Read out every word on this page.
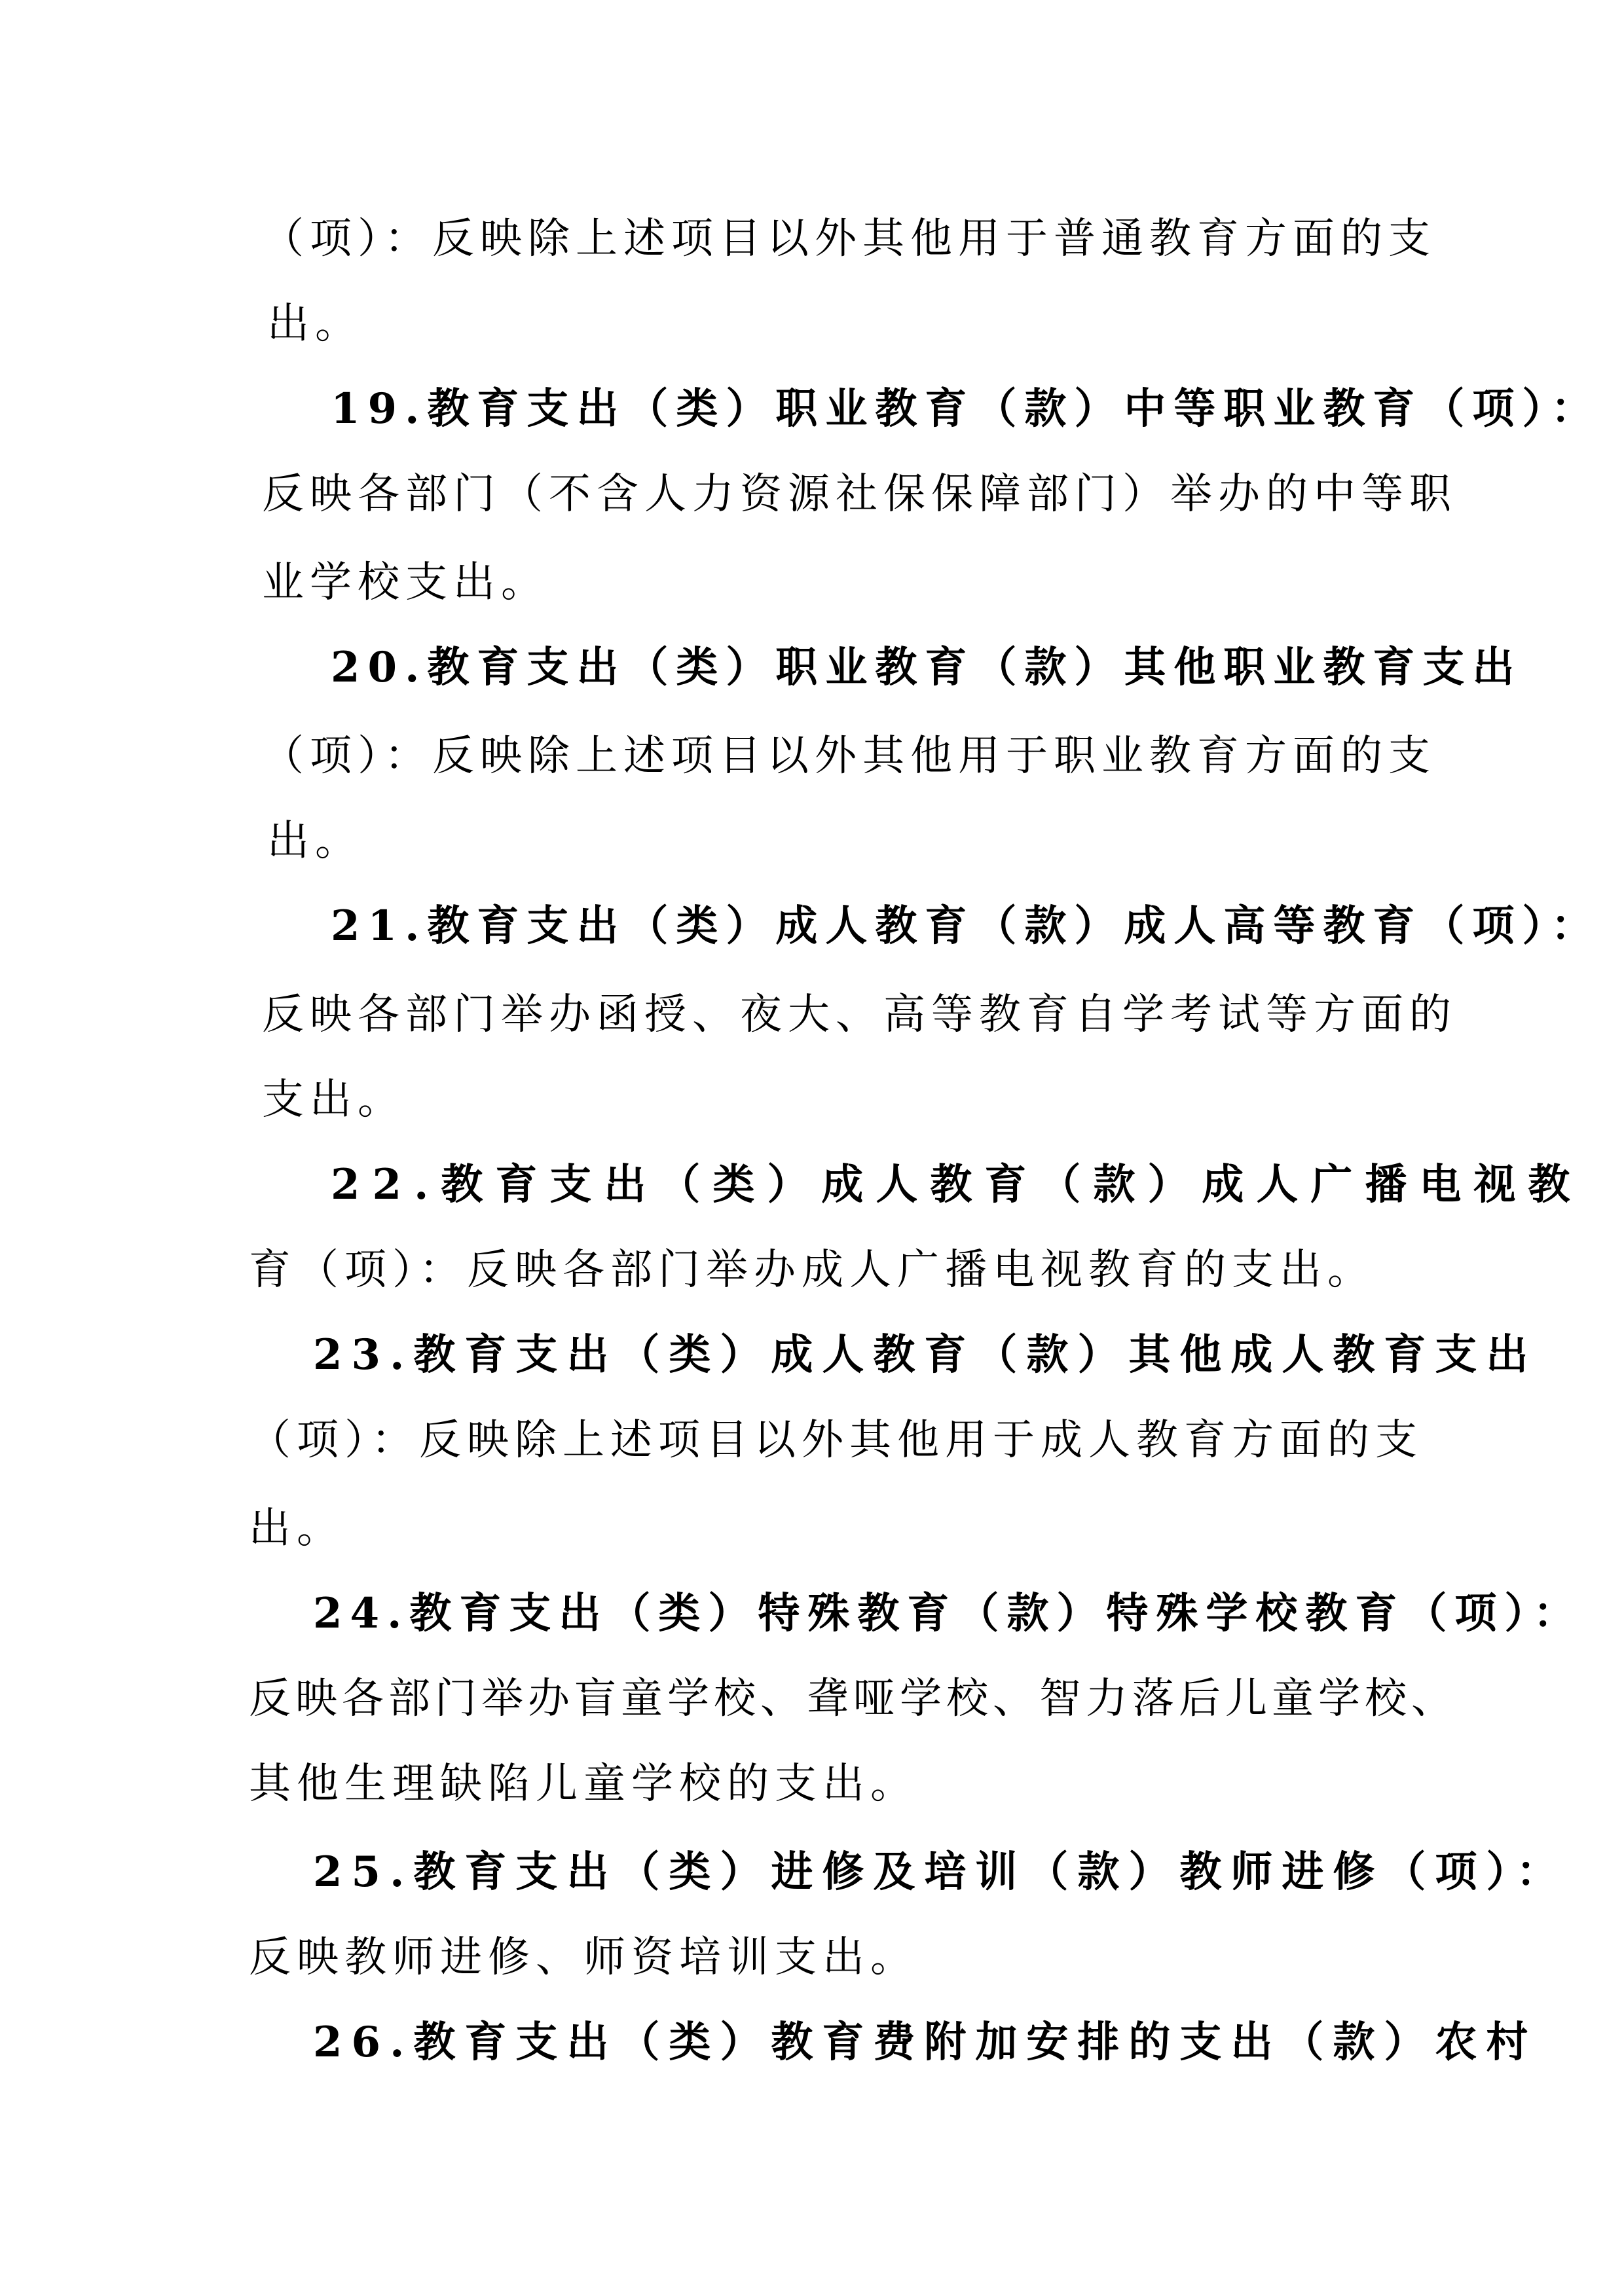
（项）：反映除上述项目以外其他用于普通教育方面的支
出。
19.教育支出（类）职业教育（款）中等职业教育（项）：
反映各部门（不含人力资源社保保障部门）举办的中等职
业学校支出。
20.教育支出（类）职业教育（款）其他职业教育支出
（项）：反映除上述项目以外其他用于职业教育方面的支
出。
21.教育支出（类）成人教育（款）成人高等教育（项）：
反映各部门举办函授、夜大、高等教育自学考试等方面的
支出。
22.教育支出（类）成人教育（款）成人广播电视教
育（项）：反映各部门举办成人广播电视教育的支出。
23.教育支出（类）成人教育（款）其他成人教育支出
（项）：反映除上述项目以外其他用于成人教育方面的支
出。
24.教育支出（类）特殊教育（款）特殊学校教育（项）：
反映各部门举办盲童学校、聋哑学校、智力落后儿童学校、
其他生理缺陷儿童学校的支出。
25.教育支出（类）进修及培训（款）教师进修（项）：
反映教师进修、师资培训支出。
26.教育支出（类）教育费附加安排的支出（款）农村
